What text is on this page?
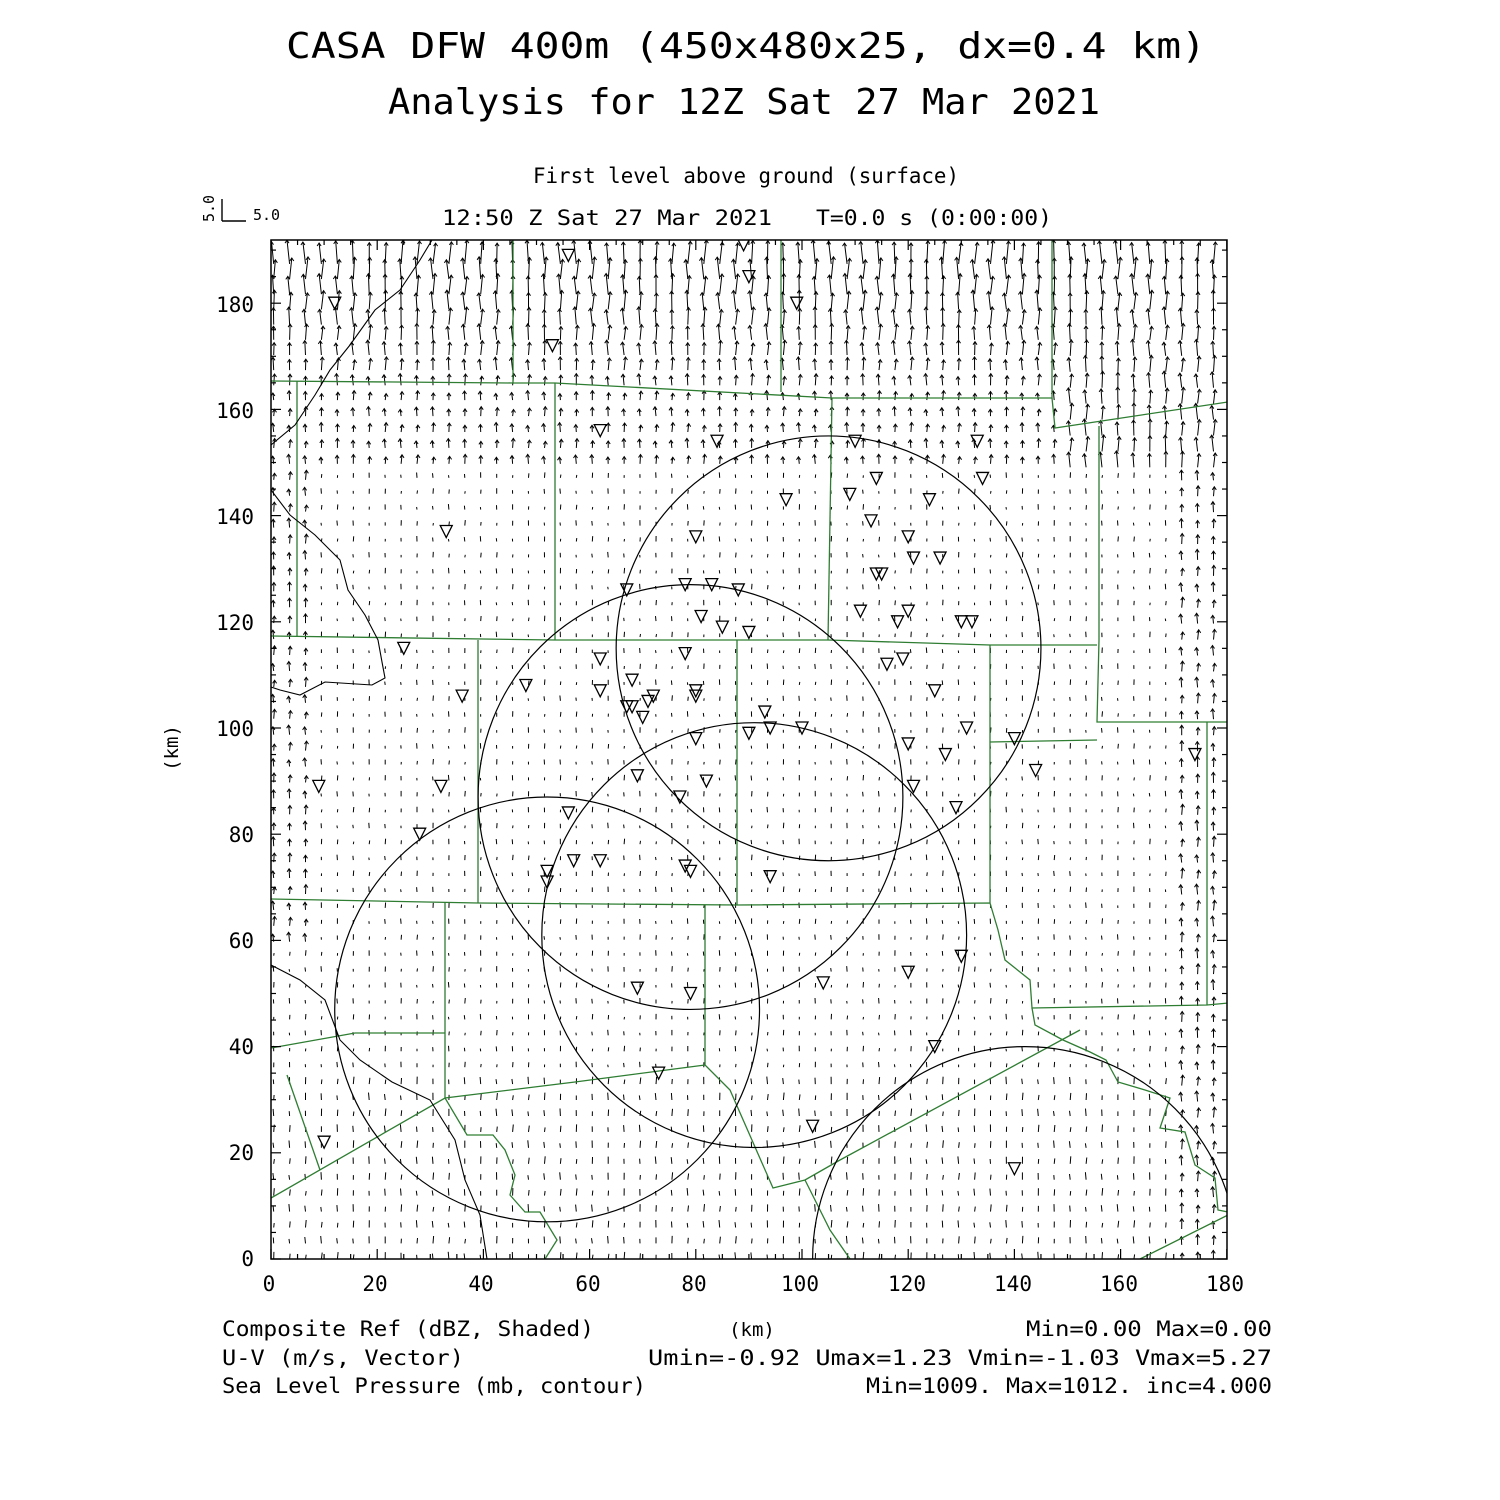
CASA DFW 400m (450x480x25, dx=0.4 km)
Analysis for 12Z Sat 27 Mar 2021
First level above ground (surface)
12:50 Z Sat 27 Mar 2021 T=0.0 s (0:00:00)
5.0 5.0
0	20	40	60	80	100	120	140	160	180
0
20
40
60
80
100
120
140
160
180
(km)
(km)
Composite Ref (dBZ, Shaded)	Min=0.00 Max=0.00
U-V (m/s, Vector)	Umin=-0.92 Umax=1.23 Vmin=-1.03 Vmax=5.27
Sea Level Pressure (mb, contour)	Min=1009. Max=1012. inc=4.000
